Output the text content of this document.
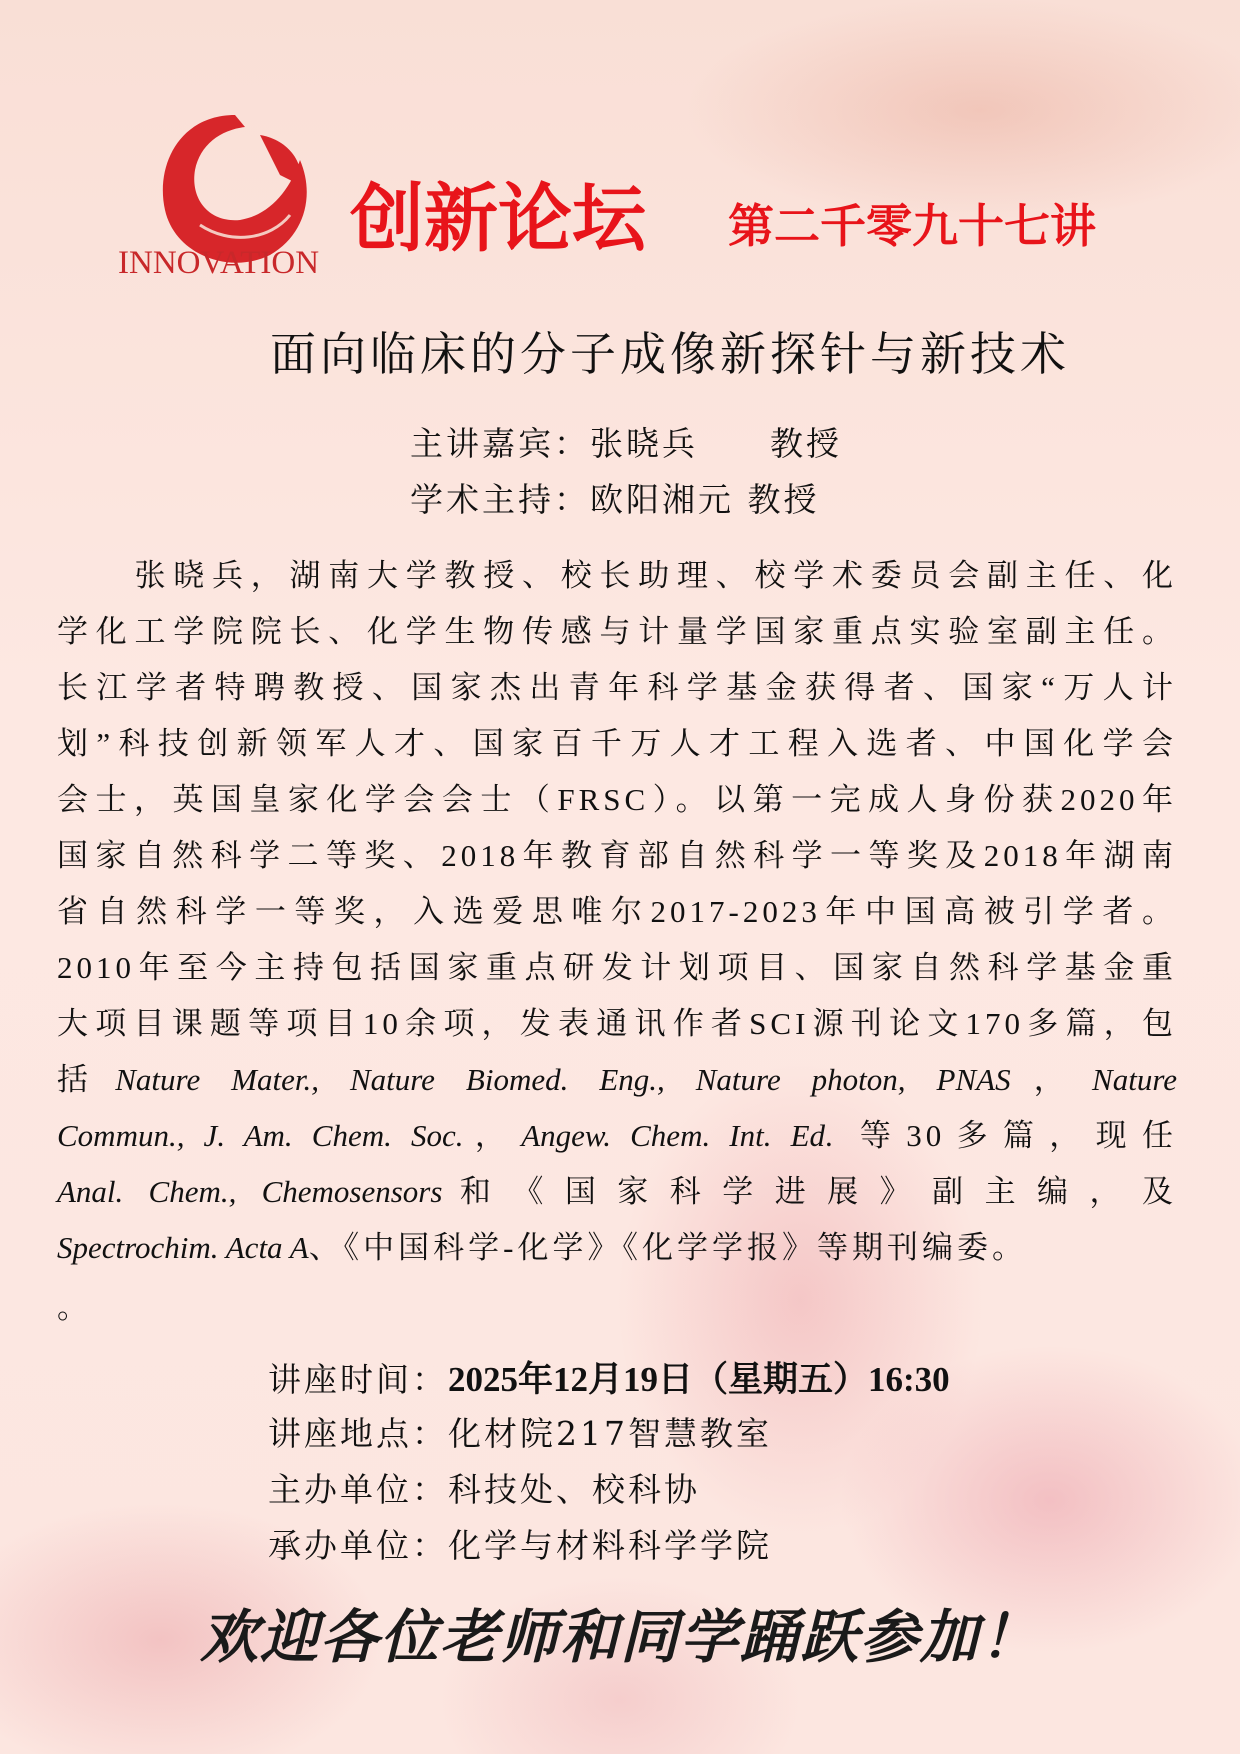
INNOVATION
创新论坛 第二千零九十七讲
面向临床的分子成像新探针与新技术
主讲嘉宾：张晓兵　　教授
学术主持：欧阳湘元 教授
　　张晓兵，湖南大学教授、校长助理、校学术委员会副主任、化
学化工学院院长、化学生物传感与计量学国家重点实验室副主任。
长江学者特聘教授、国家杰出青年科学基金获得者、国家“万人计
划”科技创新领军人才、国家百千万人才工程入选者、中国化学会
会士，英国皇家化学会会士（FRSC）。以第一完成人身份获2020年
国家自然科学二等奖、2018年教育部自然科学一等奖及2018年湖南
省自然科学一等奖，入选爱思唯尔2017-2023年中国高被引学者。
2010年至今主持包括国家重点研发计划项目、国家自然科学基金重
大项目课题等项目10余项，发表通讯作者SCI源刊论文170多篇，包
括Nature Mater., Nature Biomed. Eng., Nature photon, PNAS，Nature
Commun., J. Am. Chem. Soc.，Angew. Chem. Int. Ed. 等30多篇，现任
Anal. Chem., Chemosensors和《国家科学进展》副主编，及
Spectrochim. Acta A、《中国科学-化学》《化学学报》等期刊编委。
。
讲座时间：2025年12月19日（星期五）16:30
讲座地点：化材院217智慧教室
主办单位：科技处、校科协
承办单位：化学与材料科学学院
欢迎各位老师和同学踊跃参加！
